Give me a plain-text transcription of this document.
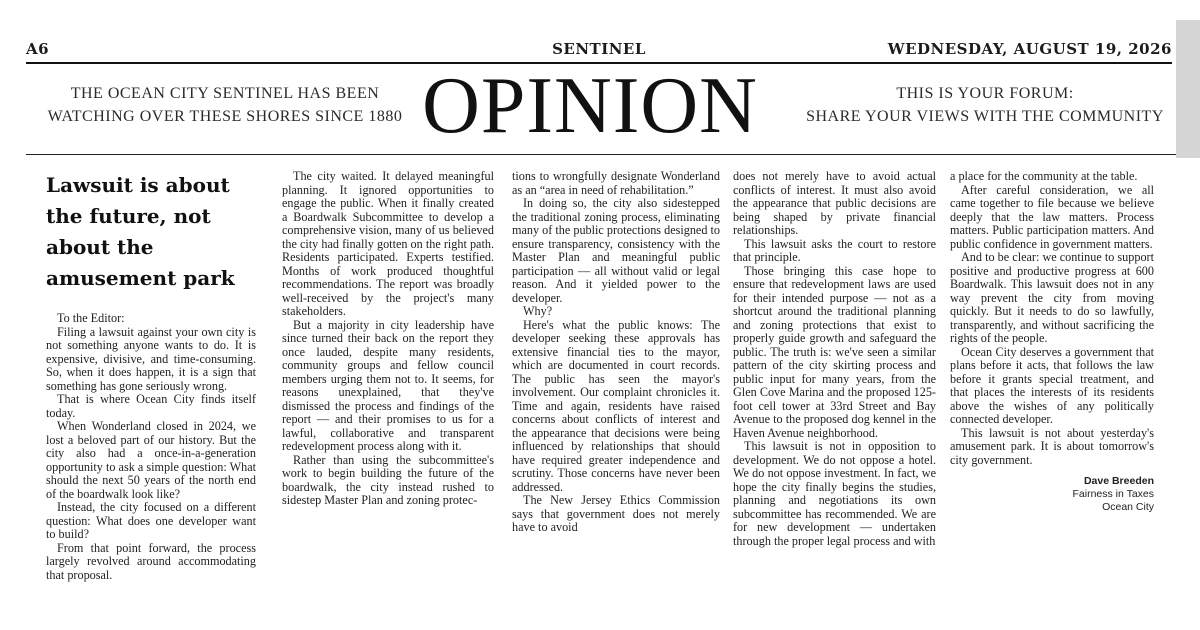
A6	SENTINEL	WEDNESDAY, AUGUST 19, 2026
THE OCEAN CITY SENTINEL HAS BEEN
WATCHING OVER THESE SHORES SINCE 1880 OPINION	THIS IS YOUR FORUM:
SHARE YOUR VIEWS WITH THE COMMUNITY
Lawsuit is about the future, not about the amusement park

To the Editor:

Filing a lawsuit against your own city is not something anyone wants to do. It is expensive, divisive, and time-consuming. So, when it does happen, it is a sign that something has gone seriously wrong.

That is where Ocean City finds itself today.

When Wonderland closed in 2024, we lost a beloved part of our history. But the city also had a once-in-a-generation opportunity to ask a simple question: What should the next 50 years of the north end of the boardwalk look like?

Instead, the city focused on a different question: What does one developer want to build?

From that point forward, the process largely revolved around accommodating that proposal.

The city waited. It delayed meaningful planning. It ignored opportunities to engage the public. When it finally created a Boardwalk Subcommittee to develop a comprehensive vision, many of us believed the city had finally gotten on the right path. Residents participated. Experts testified. Months of work produced thoughtful recommendations. The report was broadly well-received by the project's many stakeholders.

But a majority in city leadership have since turned their back on the report they once lauded, despite many residents, community groups and fellow council members urging them not to. It seems, for reasons unexplained, that they've dismissed the process and findings of the report — and their promises to us for a lawful, collaborative and transparent redevelopment process along with it.

Rather than using the subcommittee's work to begin building the future of the boardwalk, the city instead rushed to sidestep Master Plan and zoning protec-

tions to wrongfully designate Wonderland as an “area in need of rehabilitation.”

In doing so, the city also sidestepped the traditional zoning process, eliminating many of the public protections designed to ensure transparency, consistency with the Master Plan and meaningful public participation — all without valid or legal reason. And it yielded power to the developer.

Why?

Here's what the public knows: The developer seeking these approvals has extensive financial ties to the mayor, which are documented in court records. The public has seen the mayor's involvement. Our complaint chronicles it. Time and again, residents have raised concerns about conflicts of interest and the appearance that decisions were being influenced by relationships that should have required greater independence and scrutiny. Those concerns have never been addressed.

The New Jersey Ethics Commission says that government does not merely have to avoid

does not merely have to avoid actual conflicts of interest. It must also avoid the appearance that public decisions are being shaped by private financial relationships.

This lawsuit asks the court to restore that principle.

Those bringing this case hope to ensure that redevelopment laws are used for their intended purpose — not as a shortcut around the traditional planning and zoning protections that exist to properly guide growth and safeguard the public. The truth is: we've seen a similar pattern of the city skirting process and public input for many years, from the Glen Cove Marina and the proposed 125-foot cell tower at 33rd Street and Bay Avenue to the proposed dog kennel in the Haven Avenue neighborhood.

This lawsuit is not in opposition to development. We do not oppose a hotel. We do not oppose investment. In fact, we hope the city finally begins the studies, planning and negotiations its own subcommittee has recommended. We are for new development — undertaken through the proper legal process and with

a place for the community at the table.

After careful consideration, we all came together to file because we believe deeply that the law matters. Process matters. Public participation matters. And public confidence in government matters.

And to be clear: we continue to support positive and productive progress at 600 Boardwalk. This lawsuit does not in any way prevent the city from moving quickly. But it needs to do so lawfully, transparently, and without sacrificing the rights of the people.

Ocean City deserves a government that plans before it acts, that follows the law before it grants special treatment, and that places the interests of its residents above the wishes of any politically connected developer.

This lawsuit is not about yesterday's amusement park. It is about tomorrow's city government.

Dave Breeden
Fairness in Taxes
Ocean City
